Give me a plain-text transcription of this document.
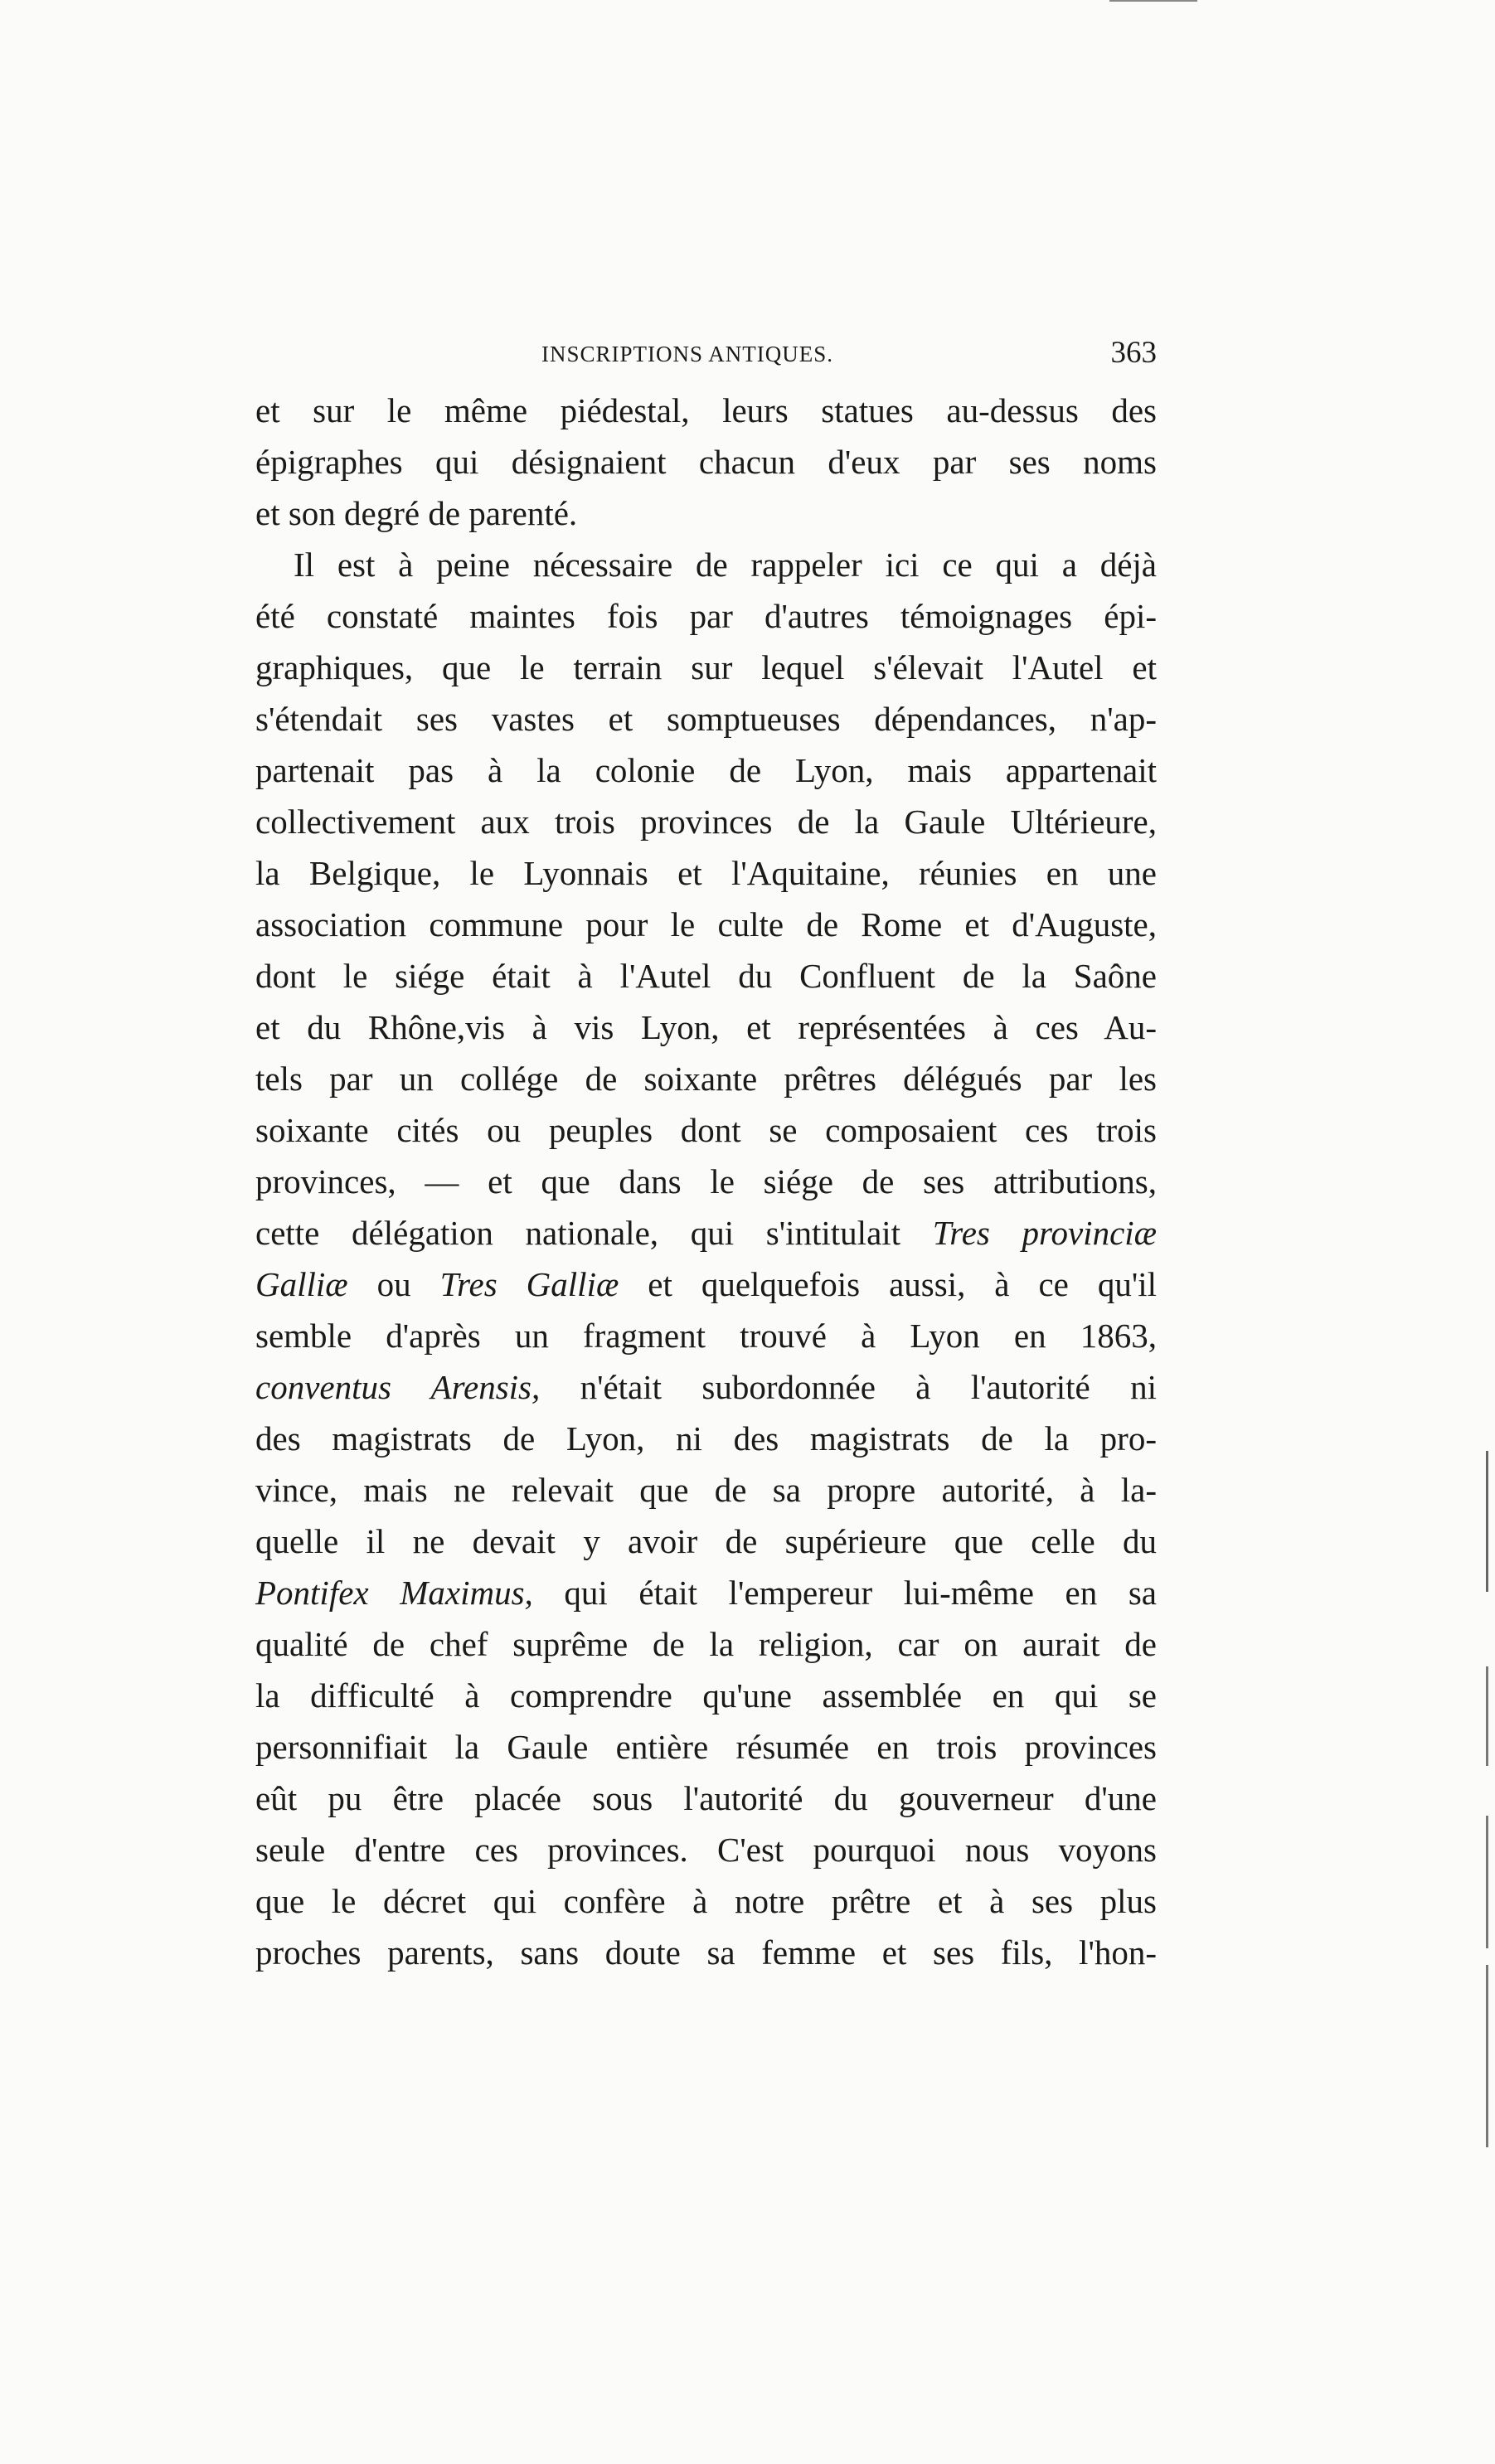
INSCRIPTIONS ANTIQUES.	363
et sur le même piédestal, leurs statues au-dessus des
épigraphes qui désignaient chacun d'eux par ses noms
et son degré de parenté.
Il est à peine nécessaire de rappeler ici ce qui a déjà
été constaté maintes fois par d'autres témoignages épi-
graphiques, que le terrain sur lequel s'élevait l'Autel et
s'étendait ses vastes et somptueuses dépendances, n'ap-
partenait pas à la colonie de Lyon, mais appartenait
collectivement aux trois provinces de la Gaule Ultérieure,
la Belgique, le Lyonnais et l'Aquitaine, réunies en une
association commune pour le culte de Rome et d'Auguste,
dont le siége était à l'Autel du Confluent de la Saône
et du Rhône,vis à vis Lyon, et représentées à ces Au-
tels par un collége de soixante prêtres délégués par les
soixante cités ou peuples dont se composaient ces trois
provinces, — et que dans le siége de ses attributions,
cette délégation nationale, qui s'intitulait Tres provinciæ
Galliæ ou Tres Galliæ et quelquefois aussi, à ce qu'il
semble d'après un fragment trouvé à Lyon en 1863,
conventus Arensis, n'était subordonnée à l'autorité ni
des magistrats de Lyon, ni des magistrats de la pro-
vince, mais ne relevait que de sa propre autorité, à la-
quelle il ne devait y avoir de supérieure que celle du
Pontifex Maximus, qui était l'empereur lui-même en sa
qualité de chef suprême de la religion, car on aurait de
la difficulté à comprendre qu'une assemblée en qui se
personnifiait la Gaule entière résumée en trois provinces
eût pu être placée sous l'autorité du gouverneur d'une
seule d'entre ces provinces. C'est pourquoi nous voyons
que le décret qui confère à notre prêtre et à ses plus
proches parents, sans doute sa femme et ses fils, l'hon-
